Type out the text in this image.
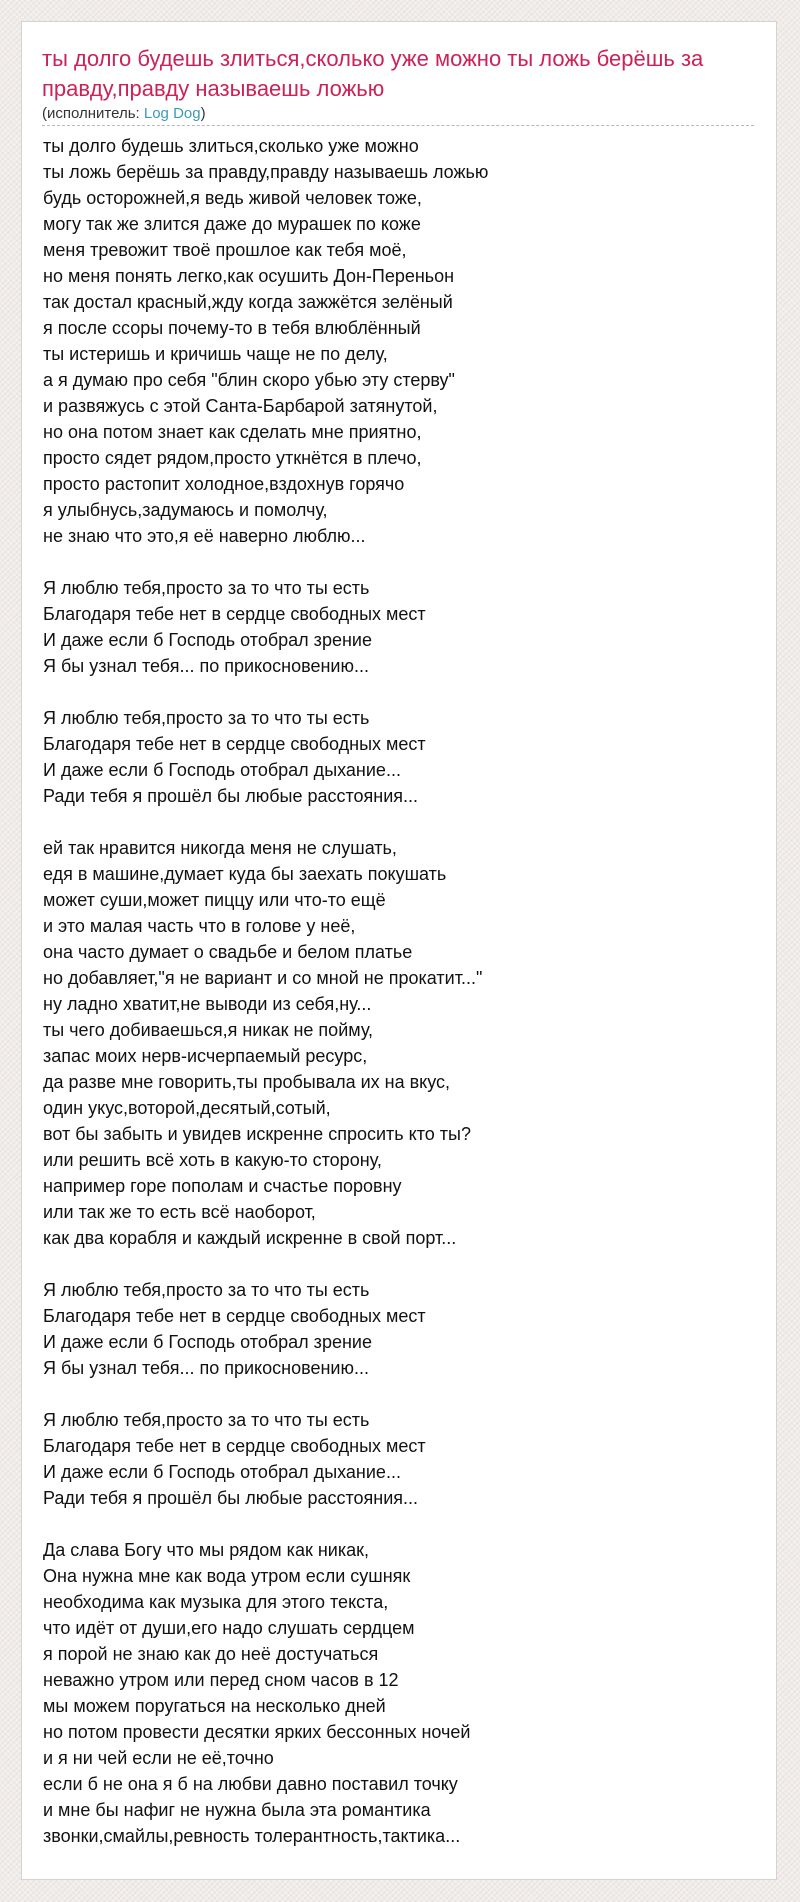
ты долго будешь злиться,сколько уже можно ты ложь берёшь за правду,правду называешь ложью
(исполнитель: Log Dog)
ты долго будешь злиться,сколько уже можно
ты ложь берёшь за правду,правду называешь ложью
будь осторожней,я ведь живой человек тоже,
могу так же злится даже до мурашек по коже
меня тревожит твоё прошлое как тебя моё,
но меня понять легко,как осушить Дон-Переньон
так достал красный,жду когда зажжётся зелёный
я после ссоры почему-то в тебя влюблённый
ты истеришь и кричишь чаще не по делу,
а я думаю про себя "блин скоро убью эту стерву"
и развяжусь с этой Санта-Барбарой затянутой,
но она потом знает как сделать мне приятно,
просто сядет рядом,просто уткнётся в плечо,
просто растопит холодное,вздохнув горячо
я улыбнусь,задумаюсь и помолчу,
не знаю что это,я её наверно люблю...
Я люблю тебя,просто за то что ты есть
Благодаря тебе нет в сердце свободных мест
И даже если б Господь отобрал зрение
Я бы узнал тебя... по прикосновению...
Я люблю тебя,просто за то что ты есть
Благодаря тебе нет в сердце свободных мест
И даже если б Господь отобрал дыхание...
Ради тебя я прошёл бы любые расстояния...
ей так нравится никогда меня не слушать,
едя в машине,думает куда бы заехать покушать
может суши,может пиццу или что-то ещё
и это малая часть что в голове у неё,
она часто думает о свадьбе и белом платье
но добавляет,"я не вариант и со мной не прокатит..."
ну ладно хватит,не выводи из себя,ну...
ты чего добиваешься,я никак не пойму,
запас моих нерв-исчерпаемый ресурс,
да разве мне говорить,ты пробывала их на вкус,
один укус,воторой,десятый,сотый,
вот бы забыть и увидев искренне спросить кто ты?
или решить всё хоть в какую-то сторону,
например горе пополам и счастье поровну
или так же то есть всё наоборот,
как два корабля и каждый искренне в свой порт...
Я люблю тебя,просто за то что ты есть
Благодаря тебе нет в сердце свободных мест
И даже если б Господь отобрал зрение
Я бы узнал тебя... по прикосновению...
Я люблю тебя,просто за то что ты есть
Благодаря тебе нет в сердце свободных мест
И даже если б Господь отобрал дыхание...
Ради тебя я прошёл бы любые расстояния...
Да слава Богу что мы рядом как никак,
Она нужна мне как вода утром если сушняк
необходима как музыка для этого текста,
что идёт от души,его надо слушать сердцем
я порой не знаю как до неё достучаться
неважно утром или перед сном часов в 12
мы можем поругаться на несколько дней
но потом провести десятки ярких бессонных ночей
и я ни чей если не её,точно
если б не она я б на любви давно поставил точку
и мне бы нафиг не нужна была эта романтика
звонки,смайлы,ревность толерантность,тактика...
